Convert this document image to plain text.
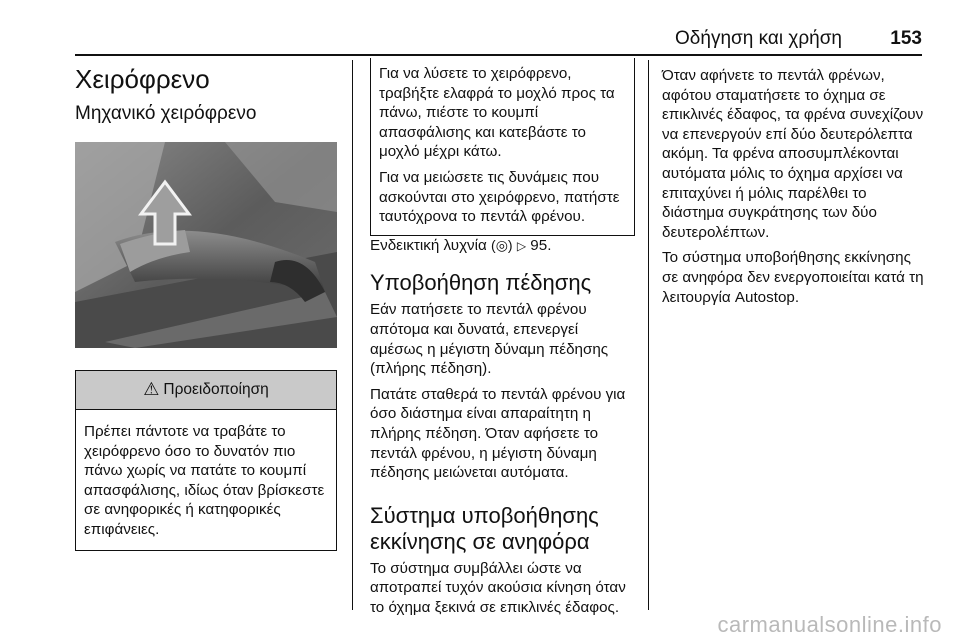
Οδήγηση και χρήση	153
Χειρόφρενο
Μηχανικό χειρόφρενο
⚠ Προειδοποίηση
Πρέπει πάντοτε να τραβάτε το χειρόφρενο όσο το δυνατόν πιο πάνω χωρίς να πατάτε το κουμπί απασφάλισης, ιδίως όταν βρίσκεστε σε ανηφορικές ή κατηφορικές επιφάνειες.

Για να λύσετε το χειρόφρενο, τραβήξτε ελαφρά το μοχλό προς τα πάνω, πιέστε το κουμπί απασφάλισης και κατεβάστε το μοχλό μέχρι κάτω.

Για να μειώσετε τις δυνάμεις που ασκούνται στο χειρόφρενο, πατήστε ταυτόχρονα το πεντάλ φρένου.

Ενδεικτική λυχνία (◎) ▷ 95.

Υποβοήθηση πέδησης

Εάν πατήσετε το πεντάλ φρένου απότομα και δυνατά, επενεργεί αμέσως η μέγιστη δύναμη πέδησης (πλήρης πέδηση).

Πατάτε σταθερά το πεντάλ φρένου για όσο διάστημα είναι απαραίτητη η πλήρης πέδηση. Όταν αφήσετε το πεντάλ φρένου, η μέγιστη δύναμη πέδησης μειώνεται αυτόματα.

Σύστημα υποβοήθησης εκκίνησης σε ανηφόρα

Το σύστημα συμβάλλει ώστε να αποτραπεί τυχόν ακούσια κίνηση όταν το όχημα ξεκινά σε επικλινές έδαφος.

Όταν αφήνετε το πεντάλ φρένων, αφότου σταματήσετε το όχημα σε επικλινές έδαφος, τα φρένα συνεχίζουν να επενεργούν επί δύο δευτερόλεπτα ακόμη. Τα φρένα αποσυμπλέκονται αυτόματα μόλις το όχημα αρχίσει να επιταχύνει ή μόλις παρέλθει το διάστημα συγκράτησης των δύο δευτερολέπτων.

Το σύστημα υποβοήθησης εκκίνησης σε ανηφόρα δεν ενεργοποιείται κατά τη λειτουργία Autostop.

carmanualsonline.info
